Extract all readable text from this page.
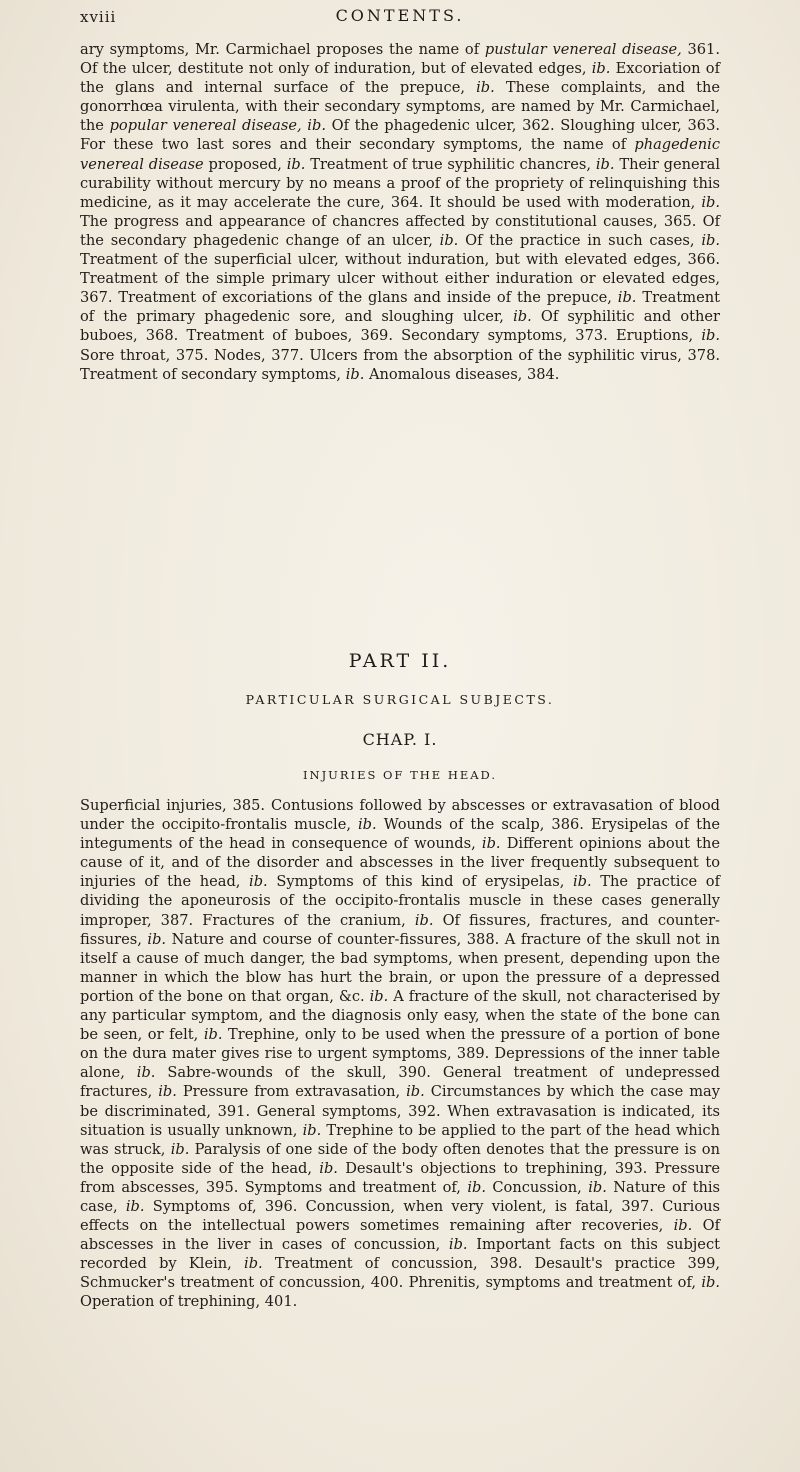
xviii	CONTENTS.

ary symptoms, Mr. Carmichael proposes the name of pustular venereal disease, 361. Of the ulcer, destitute not only of induration, but of elevated edges, ib. Excoriation of the glans and internal surface of the prepuce, ib. These complaints, and the gonorrhœa virulenta, with their secondary symptoms, are named by Mr. Carmichael, the popular venereal disease, ib. Of the phagedenic ulcer, 362. Sloughing ulcer, 363. For these two last sores and their secondary symptoms, the name of phagedenic venereal disease proposed, ib. Treatment of true syphilitic chancres, ib. Their general curability without mercury by no means a proof of the propriety of relinquishing this medicine, as it may accelerate the cure, 364. It should be used with moderation, ib. The progress and appearance of chancres affected by constitutional causes, 365. Of the secondary phagedenic change of an ulcer, ib. Of the practice in such cases, ib. Treatment of the superficial ulcer, without induration, but with elevated edges, 366. Treatment of the simple primary ulcer without either induration or elevated edges, 367. Treatment of excoriations of the glans and inside of the prepuce, ib. Treatment of the primary phagedenic sore, and sloughing ulcer, ib. Of syphilitic and other buboes, 368. Treatment of buboes, 369. Secondary symptoms, 373. Eruptions, ib. Sore throat, 375. Nodes, 377. Ulcers from the absorption of the syphilitic virus, 378. Treatment of secondary symptoms, ib. Anomalous diseases, 384.

PART II.
PARTICULAR SURGICAL SUBJECTS.
CHAP. I.
INJURIES OF THE HEAD.

Superficial injuries, 385. Contusions followed by abscesses or extravasation of blood under the occipito-frontalis muscle, ib. Wounds of the scalp, 386. Erysipelas of the integuments of the head in consequence of wounds, ib. Different opinions about the cause of it, and of the disorder and abscesses in the liver frequently subsequent to injuries of the head, ib. Symptoms of this kind of erysipelas, ib. The practice of dividing the aponeurosis of the occipito-frontalis muscle in these cases generally improper, 387. Fractures of the cranium, ib. Of fissures, fractures, and counter-fissures, ib. Nature and course of counter-fissures, 388. A fracture of the skull not in itself a cause of much danger, the bad symptoms, when present, depending upon the manner in which the blow has hurt the brain, or upon the pressure of a depressed portion of the bone on that organ, &c. ib. A fracture of the skull, not characterised by any particular symptom, and the diagnosis only easy, when the state of the bone can be seen, or felt, ib. Trephine, only to be used when the pressure of a portion of bone on the dura mater gives rise to urgent symptoms, 389. Depressions of the inner table alone, ib. Sabre-wounds of the skull, 390. General treatment of undepressed fractures, ib. Pressure from extravasation, ib. Circumstances by which the case may be discriminated, 391. General symptoms, 392. When extravasation is indicated, its situation is usually unknown, ib. Trephine to be applied to the part of the head which was struck, ib. Paralysis of one side of the body often denotes that the pressure is on the opposite side of the head, ib. Desault's objections to trephining, 393. Pressure from abscesses, 395. Symptoms and treatment of, ib. Concussion, ib. Nature of this case, ib. Symptoms of, 396. Concussion, when very violent, is fatal, 397. Curious effects on the intellectual powers sometimes remaining after recoveries, ib. Of abscesses in the liver in cases of concussion, ib. Important facts on this subject recorded by Klein, ib. Treatment of concussion, 398. Desault's practice 399, Schmucker's treatment of concussion, 400. Phrenitis, symptoms and treatment of, ib. Operation of trephining, 401.
